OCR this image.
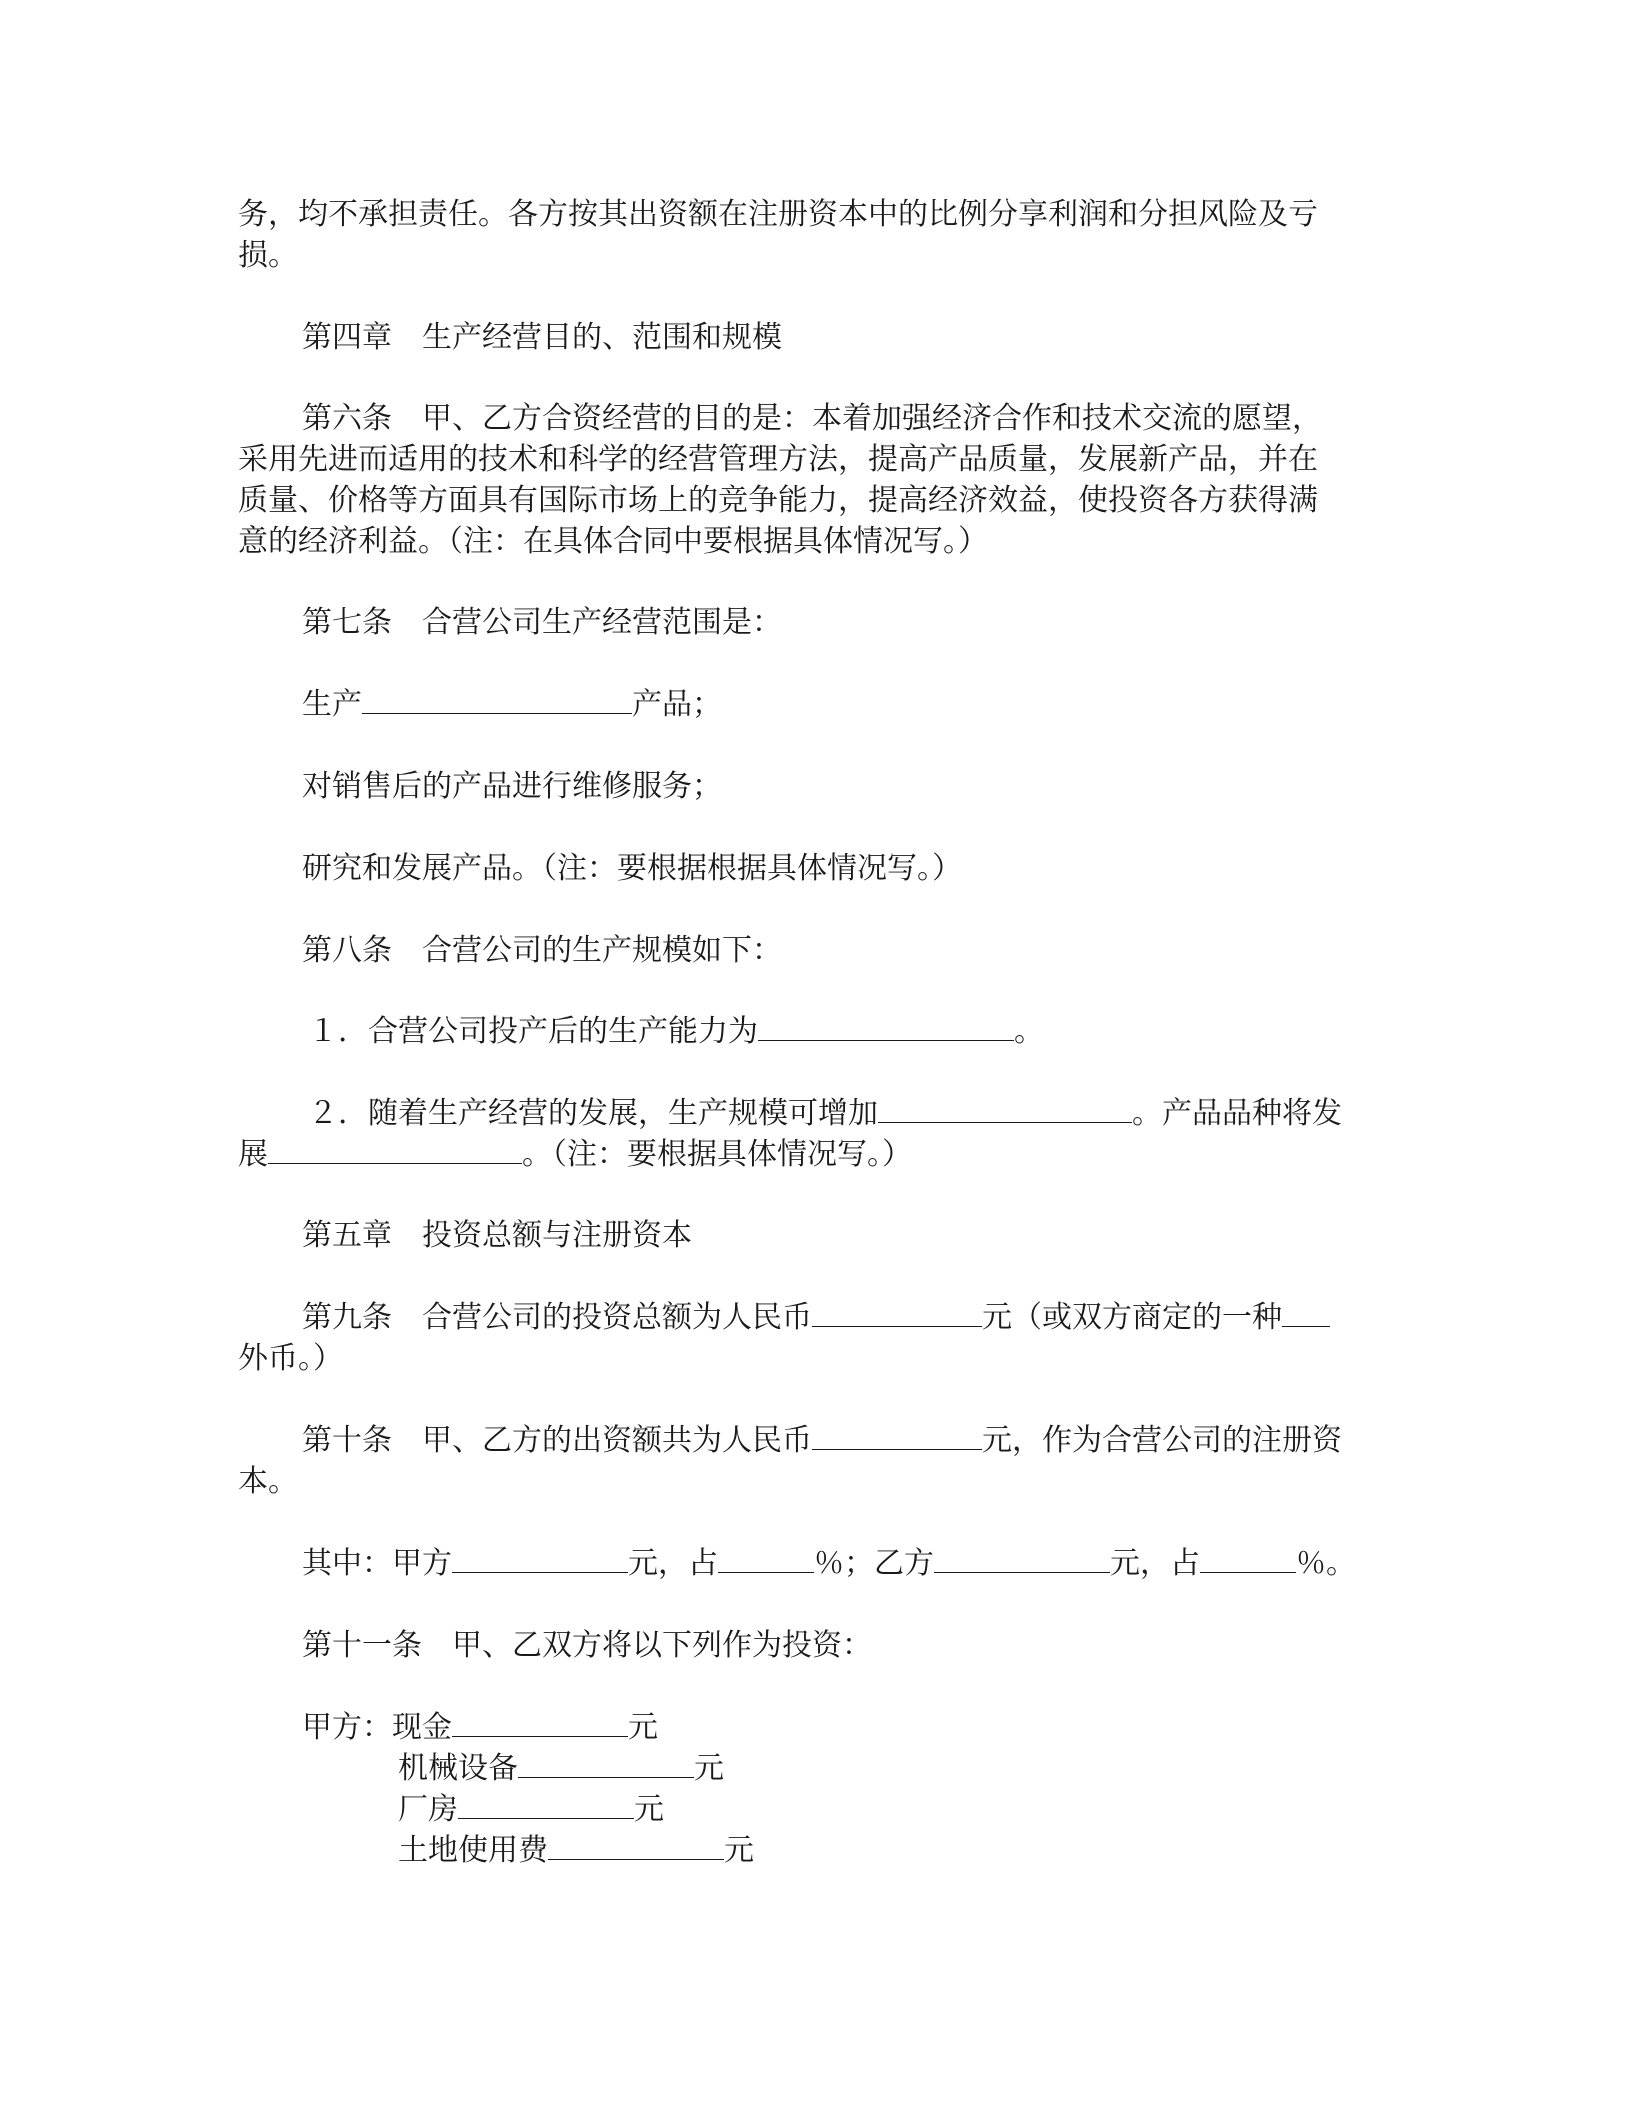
务，均不承担责任。各方按其出资额在注册资本中的比例分享利润和分担风险及亏

损。

第四章　生产经营目的、范围和规模

第六条　甲、乙方合资经营的目的是：本着加强经济合作和技术交流的愿望，

采用先进而适用的技术和科学的经营管理方法，提高产品质量，发展新产品，并在

质量、价格等方面具有国际市场上的竞争能力，提高经济效益，使投资各方获得满

意的经济利益。（注：在具体合同中要根据具体情况写。）

第七条　合营公司生产经营范围是：

生产	产品；

对销售后的产品进行维修服务；

研究和发展产品。（注：要根据根据具体情况写。）

第八条　合营公司的生产规模如下：

１．合营公司投产后的生产能力为	。

２．随着生产经营的发展，生产规模可增加	。产品品种将发

展	。（注：要根据具体情况写。）

第五章　投资总额与注册资本

第九条　合营公司的投资总额为人民币	元（或双方商定的一种

外币。）

第十条　甲、乙方的出资额共为人民币	元，作为合营公司的注册资

本。

其中：甲方	元，占	％；乙方	元，占	％。

第十一条　甲、乙双方将以下列作为投资：

甲方：现金	元

机械设备	元

厂房	元

土地使用费	元
